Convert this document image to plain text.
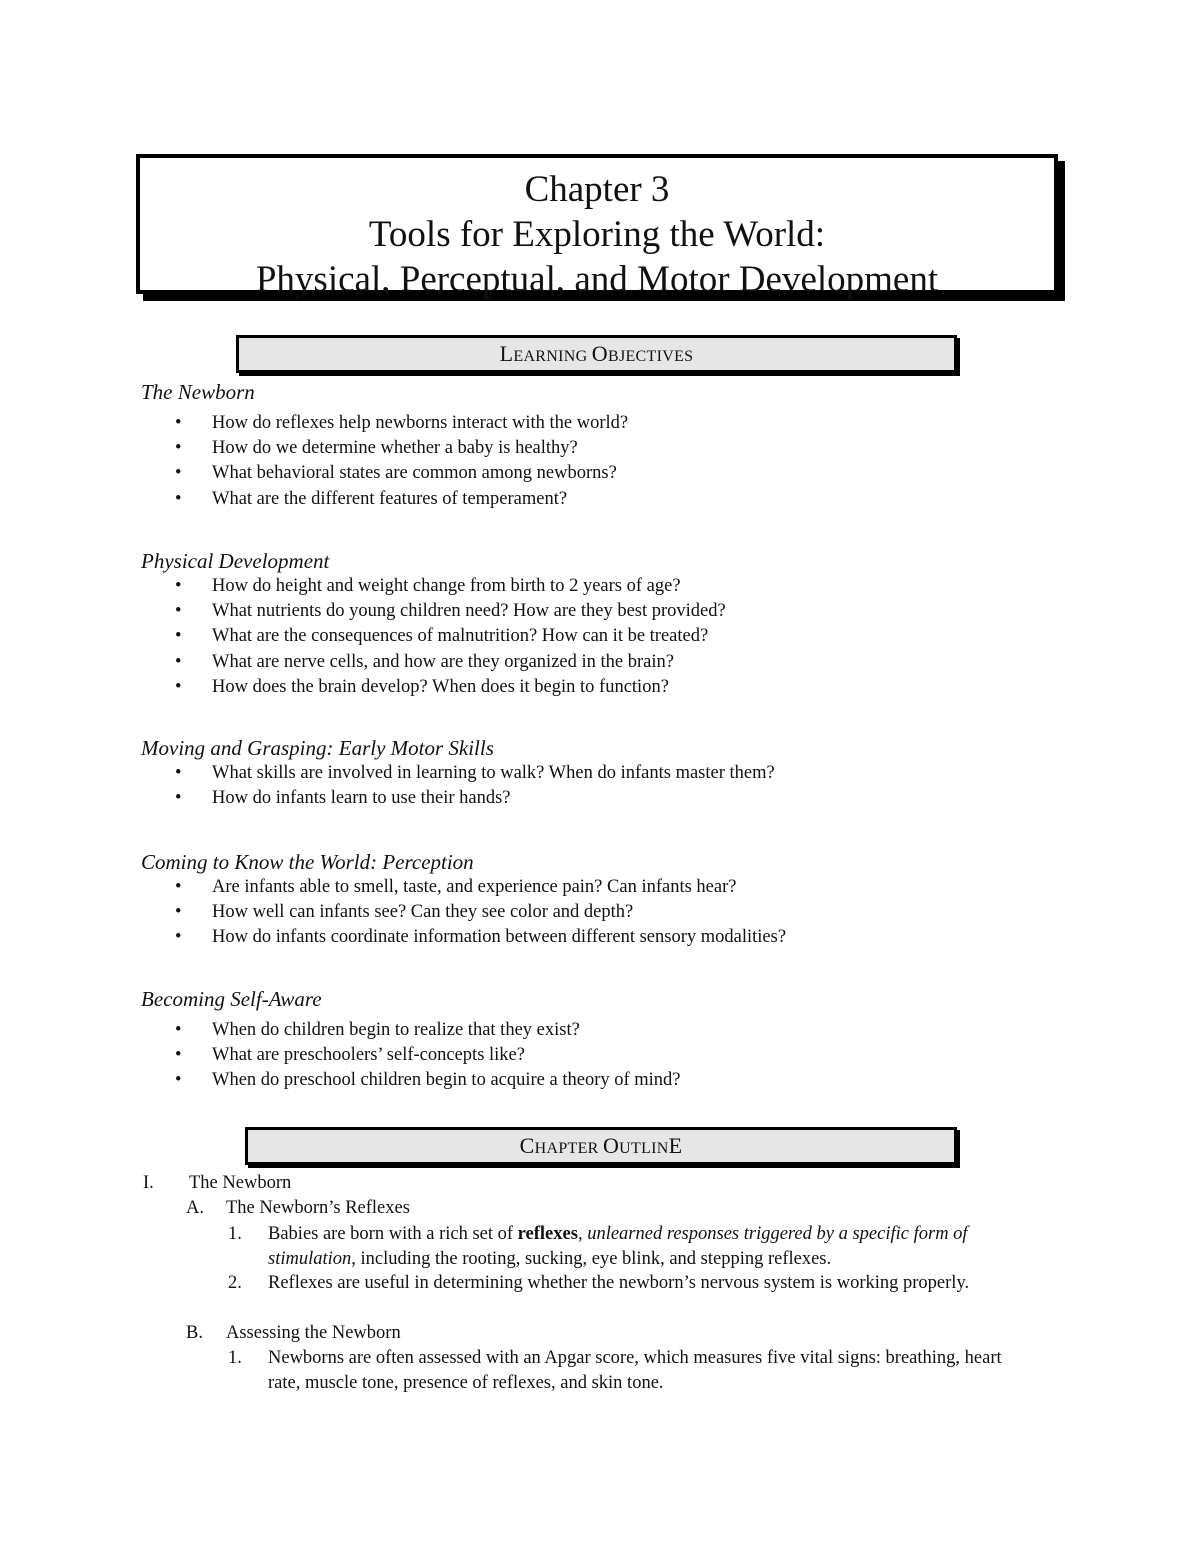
Chapter 3
Tools for Exploring the World:
Physical, Perceptual, and Motor Development
LEARNING OBJECTIVES
The Newborn
• How do reflexes help newborns interact with the world?
• How do we determine whether a baby is healthy?
• What behavioral states are common among newborns?
• What are the different features of temperament?
Physical Development
• How do height and weight change from birth to 2 years of age?
• What nutrients do young children need? How are they best provided?
• What are the consequences of malnutrition? How can it be treated?
• What are nerve cells, and how are they organized in the brain?
• How does the brain develop? When does it begin to function?
Moving and Grasping: Early Motor Skills
• What skills are involved in learning to walk? When do infants master them?
• How do infants learn to use their hands?
Coming to Know the World: Perception
• Are infants able to smell, taste, and experience pain? Can infants hear?
• How well can infants see? Can they see color and depth?
• How do infants coordinate information between different sensory modalities?
Becoming Self-Aware
• When do children begin to realize that they exist?
• What are preschoolers’ self-concepts like?
• When do preschool children begin to acquire a theory of mind?
CHAPTER OUTLINE
I. The Newborn
A. The Newborn’s Reflexes
1. Babies are born with a rich set of reflexes, unlearned responses triggered by a specific form of stimulation, including the rooting, sucking, eye blink, and stepping reflexes.
2. Reflexes are useful in determining whether the newborn’s nervous system is working properly.
B. Assessing the Newborn
1. Newborns are often assessed with an Apgar score, which measures five vital signs: breathing, heart rate, muscle tone, presence of reflexes, and skin tone.
